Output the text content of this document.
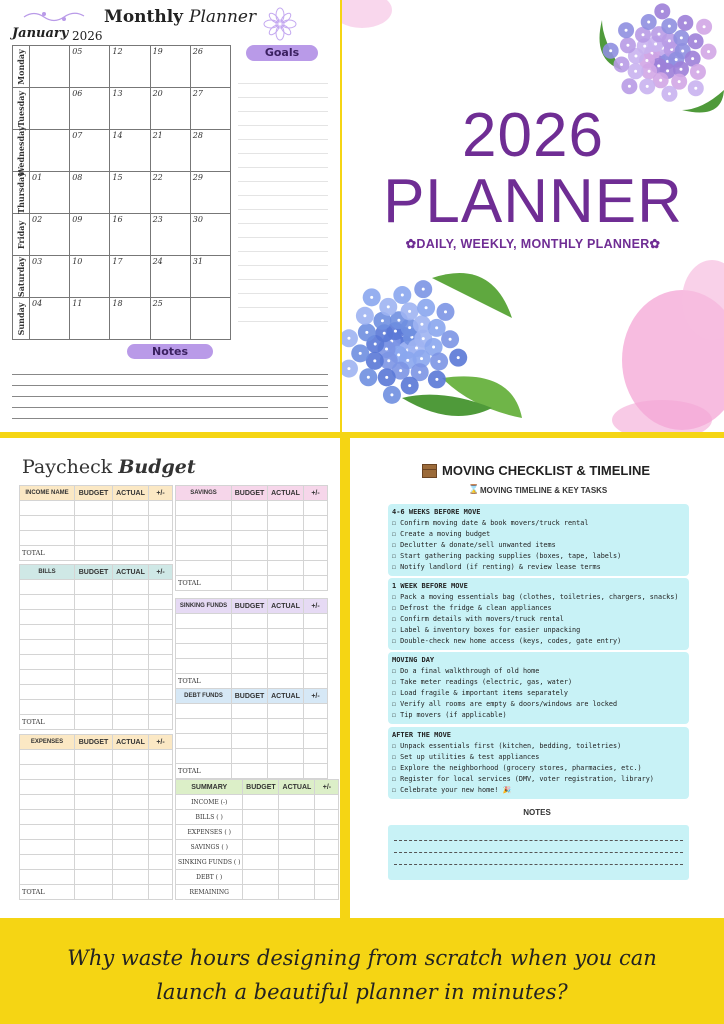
Monthly Planner
January 2026
Monday		05	12	19	26

Tuesday		06	13	20	27

Wednesday		07	14	21	28

Thursday	01	08	15	22	29

Friday	02	09	16	23	30

Saturday	03	10	17	24	31

Sunday	04	11	18	25	
Goals
Notes
2026
PLANNER
✿DAILY, WEEKLY, MONTHLY PLANNER✿
Paycheck Budget
INCOME NAME	BUDGET	ACTUAL	+/-

TOTAL			
BILLS	BUDGET	ACTUAL	+/-

TOTAL			
EXPENSES	BUDGET	ACTUAL	+/-

TOTAL			
SAVINGS	BUDGET	ACTUAL	+/-

TOTAL			
SINKING FUNDS	BUDGET	ACTUAL	+/-

TOTAL			
DEBT FUNDS	BUDGET	ACTUAL	+/-

TOTAL			
SUMMARY	BUDGET	ACTUAL	+/-
INCOME (-)			
BILLS ( )			
EXPENSES ( )			
SAVINGS ( )			
SINKING FUNDS ( )			
DEBT ( )			
REMAINING			
MOVING CHECKLIST & TIMELINE
⌛ MOVING TIMELINE & KEY TASKS
4-6 WEEKS BEFORE MOVE
☐ Confirm moving date & book movers/truck rental
☐ Create a moving budget
☐ Declutter & donate/sell unwanted items
☐ Start gathering packing supplies (boxes, tape, labels)
☐ Notify landlord (if renting) & review lease terms
1 WEEK BEFORE MOVE
☐ Pack a moving essentials bag (clothes, toiletries, chargers, snacks)
☐ Defrost the fridge & clean appliances
☐ Confirm details with movers/truck rental
☐ Label & inventory boxes for easier unpacking
☐ Double-check new home access (keys, codes, gate entry)
MOVING DAY
☐ Do a final walkthrough of old home
☐ Take meter readings (electric, gas, water)
☐ Load fragile & important items separately
☐ Verify all rooms are empty & doors/windows are locked
☐ Tip movers (if applicable)
AFTER THE MOVE
☐ Unpack essentials first (kitchen, bedding, toiletries)
☐ Set up utilities & test appliances
☐ Explore the neighborhood (grocery stores, pharmacies, etc.)
☐ Register for local services (DMV, voter registration, library)
☐ Celebrate your new home! 🎉
NOTES
Why waste hours designing from scratch when you can
launch a beautiful planner in minutes?
